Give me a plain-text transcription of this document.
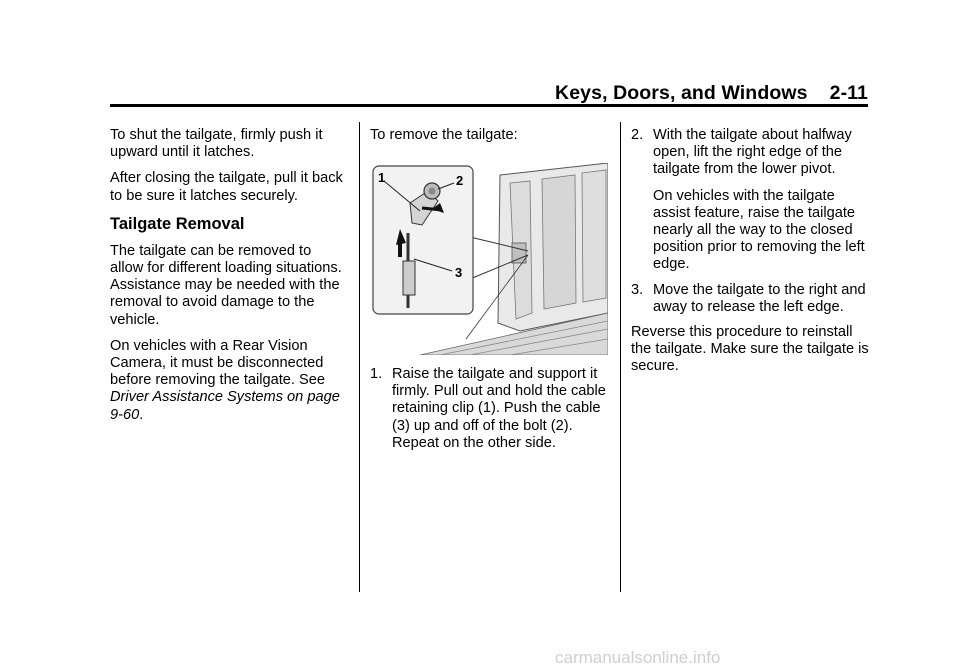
Keys, Doors, and Windows 2-11

To shut the tailgate, firmly push it upward until it latches.

After closing the tailgate, pull it back to be sure it latches securely.

Tailgate Removal

The tailgate can be removed to allow for different loading situations. Assistance may be needed with the removal to avoid damage to the vehicle.

On vehicles with a Rear Vision Camera, it must be disconnected before removing the tailgate. See Driver Assistance Systems on page 9-60.

To remove the tailgate:

1	2
3
1. Raise the tailgate and support it firmly. Pull out and hold the cable retaining clip (1). Push the cable (3) up and off of the bolt (2). Repeat on the other side.
2. With the tailgate about halfway open, lift the right edge of the tailgate from the lower pivot.
On vehicles with the tailgate assist feature, raise the tailgate nearly all the way to the closed position prior to removing the left edge.
3. Move the tailgate to the right and away to release the left edge.

Reverse this procedure to reinstall the tailgate. Make sure the tailgate is secure.

carmanualsonline.info
